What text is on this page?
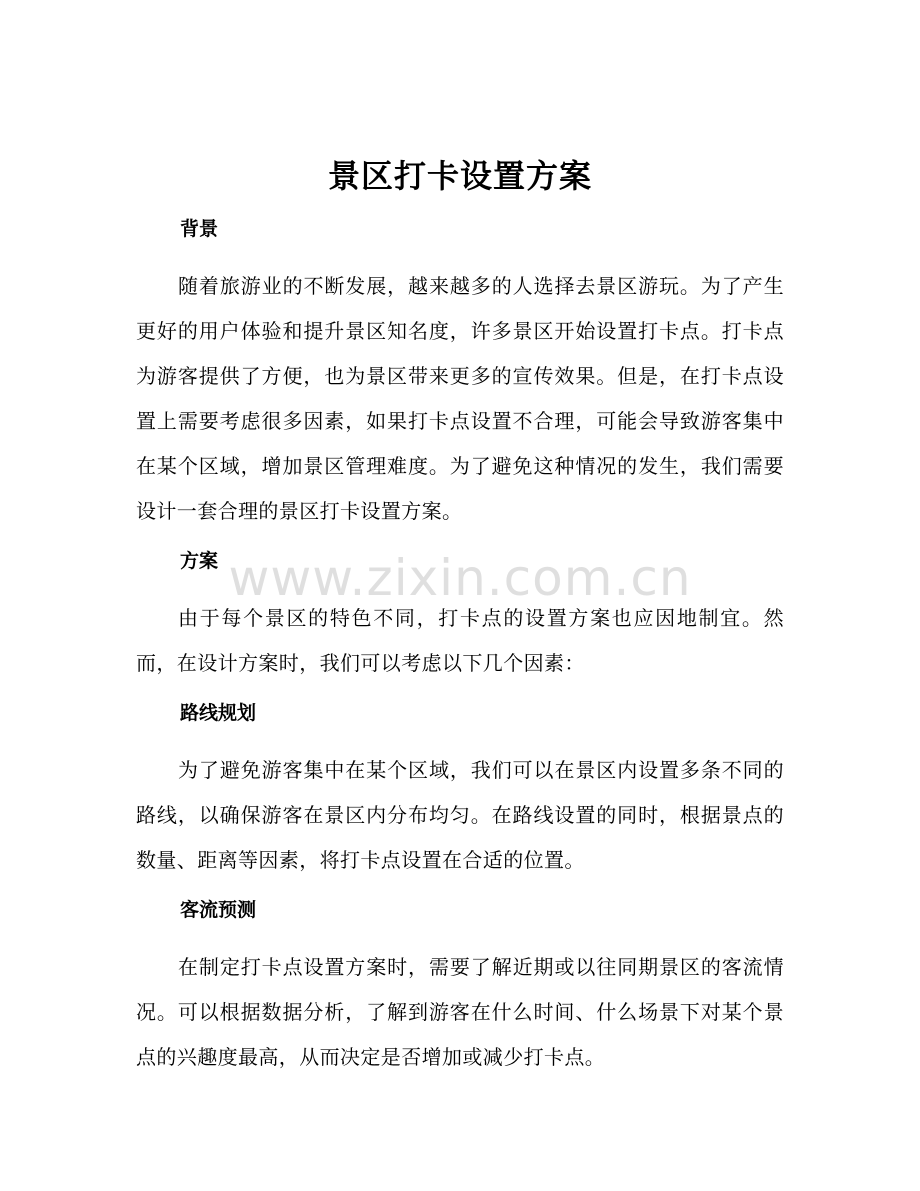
景区打卡设置方案
背景

随着旅游业的不断发展，越来越多的人选择去景区游玩。为了产生更好的用户体验和提升景区知名度，许多景区开始设置打卡点。打卡点为游客提供了方便，也为景区带来更多的宣传效果。但是，在打卡点设置上需要考虑很多因素，如果打卡点设置不合理，可能会导致游客集中在某个区域，增加景区管理难度。为了避免这种情况的发生，我们需要设计一套合理的景区打卡设置方案。

方案

由于每个景区的特色不同，打卡点的设置方案也应因地制宜。然而，在设计方案时，我们可以考虑以下几个因素：

路线规划

为了避免游客集中在某个区域，我们可以在景区内设置多条不同的路线，以确保游客在景区内分布均匀。在路线设置的同时，根据景点的数量、距离等因素，将打卡点设置在合适的位置。

客流预测

在制定打卡点设置方案时，需要了解近期或以往同期景区的客流情况。可以根据数据分析，了解到游客在什么时间、什么场景下对某个景点的兴趣度最高，从而决定是否增加或减少打卡点。

www.zixin.com.cn
